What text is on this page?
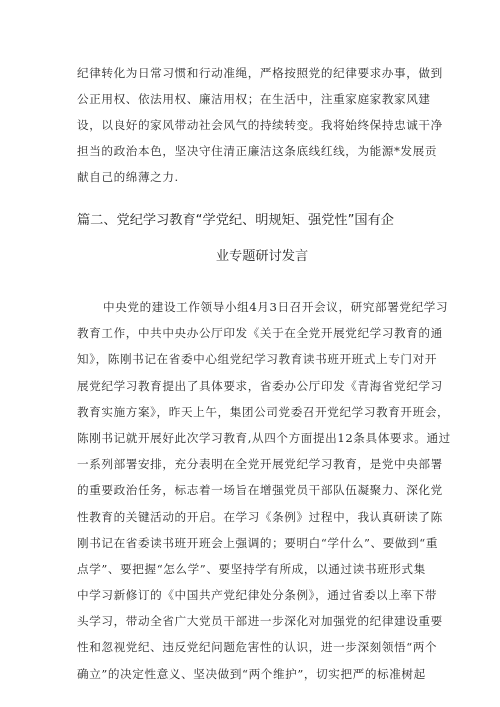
纪律转化为日常习惯和行动准绳，严格按照党的纪律要求办事，做到
公正用权、依法用权、廉洁用权；在生活中，注重家庭家教家风建
设，以良好的家风带动社会风气的持续转变。我将始终保持忠诚干净
担当的政治本色，坚决守住清正廉洁这条底线红线，为能源*发展贡
献自己的绵薄之力.
篇二、党纪学习教育“学党纪、明规矩、强党性”国有企
业专题研讨发言
中央党的建设工作领导小组4月3日召开会议，研究部署党纪学习
教育工作，中共中央办公厅印发《关于在全党开展党纪学习教育的通
知》，陈刚书记在省委中心组党纪学习教育读书班开班式上专门对开
展党纪学习教育提出了具体要求，省委办公厅印发《青海省党纪学习
教育实施方案》，昨天上午，集团公司党委召开党纪学习教育开班会，
陈刚书记就开展好此次学习教育,从四个方面提出12条具体要求。通过
一系列部署安排，充分表明在全党开展党纪学习教育，是党中央部署
的重要政治任务，标志着一场旨在增强党员干部队伍凝聚力、深化党
性教育的关键活动的开启。在学习《条例》过程中，我认真研读了陈
刚书记在省委读书班开班会上强调的；要明白“学什么”、要做到“重
点学”、要把握“怎么学”、要坚持学有所成，以通过读书班形式集
中学习新修订的《中国共产党纪律处分条例》，通过省委以上率下带
头学习，带动全省广大党员干部进一步深化对加强党的纪律建设重要
性和忽视党纪、违反党纪问题危害性的认识，进一步深刻领悟“两个
确立”的决定性意义、坚决做到“两个维护”，切实把严的标准树起
